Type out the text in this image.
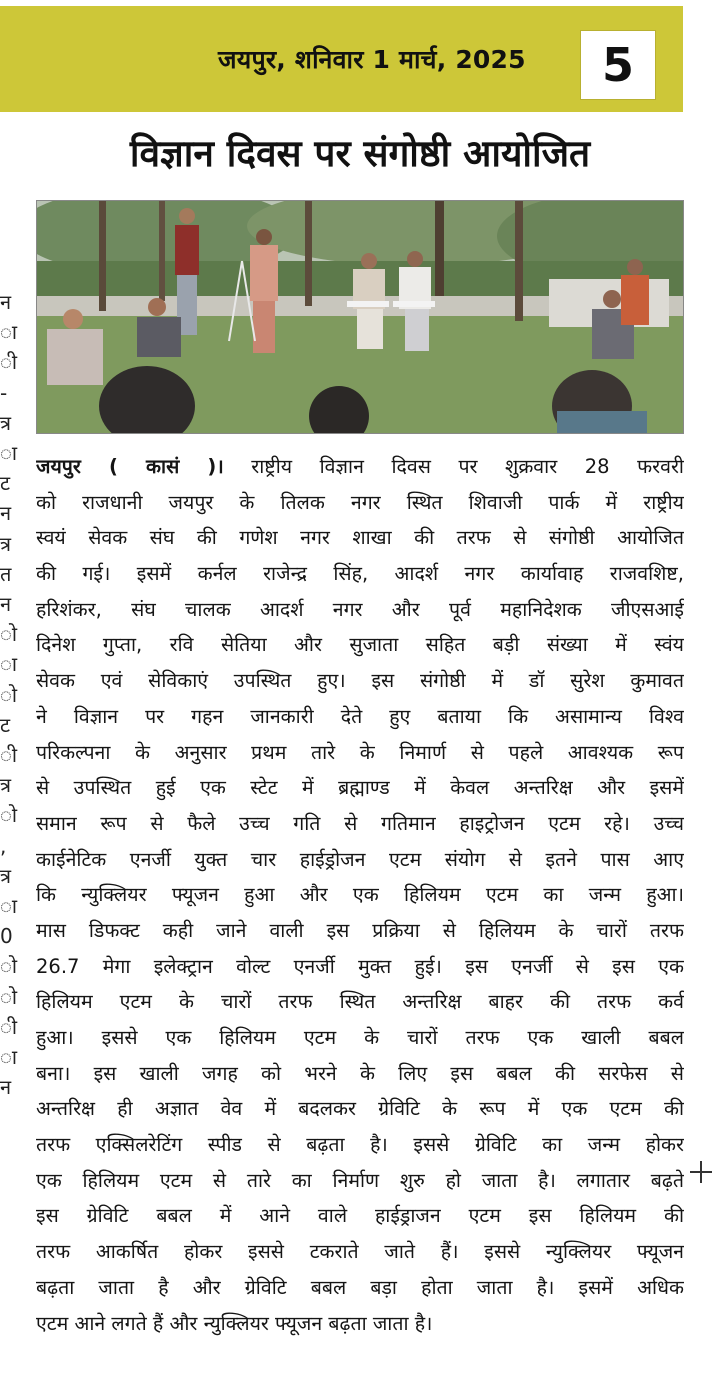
जयपुर, शनिवार 1 मार्च, 2025 5
विज्ञान दिवस पर संगोष्ठी आयोजित
न
ा
ी
-
त्र
ा
ट
न
त्र
त
न
ो
ा
ो
ट
ी
त्र
ो
,
त्र
ा
0
ो
ो
ी
ा
न
जयपुर ( कासं )। राष्ट्रीय विज्ञान दिवस पर शुक्रवार 28 फरवरी
को राजधानी जयपुर के तिलक नगर स्थित शिवाजी पार्क में राष्ट्रीय
स्वयं सेवक संघ की गणेश नगर शाखा की तरफ से संगोष्ठी आयोजित
की गई। इसमें कर्नल राजेन्द्र सिंह, आदर्श नगर कार्यावाह राजवशिष्ट,
हरिशंकर, संघ चालक आदर्श नगर और पूर्व महानिदेशक जीएसआई
दिनेश गुप्ता, रवि सेतिया और सुजाता सहित बड़ी संख्या में स्वंय
सेवक एवं सेविकाएं उपस्थित हुए। इस संगोष्ठी में डॉ सुरेश कुमावत
ने विज्ञान पर गहन जानकारी देते हुए बताया कि असामान्य विश्व
परिकल्पना के अनुसार प्रथम तारे के निमार्ण से पहले आवश्यक रूप
से उपस्थित हुई एक स्टेट में ब्रह्माण्ड में केवल अन्तरिक्ष और इसमें
समान रूप से फैले उच्च गति से गतिमान हाइट्रोजन एटम रहे। उच्च
काईनेटिक एनर्जी युक्त चार हाईड्रोजन एटम संयोग से इतने पास आए
कि न्युक्लियर फ्यूजन हुआ और एक हिलियम एटम का जन्म हुआ।
मास डिफक्ट कही जाने वाली इस प्रक्रिया से हिलियम के चारों तरफ
26.7 मेगा इलेक्ट्रान वोल्ट एनर्जी मुक्त हुई। इस एनर्जी से इस एक
हिलियम एटम के चारों तरफ स्थित अन्तरिक्ष बाहर की तरफ कर्व
हुआ। इससे एक हिलियम एटम के चारों तरफ एक खाली बबल
बना। इस खाली जगह को भरने के लिए इस बबल की सरफेस से
अन्तरिक्ष ही अज्ञात वेव में बदलकर ग्रेविटि के रूप में एक एटम की
तरफ एक्सिलरेटिंग स्पीड से बढ़ता है। इससे ग्रेविटि का जन्म होकर
एक हिलियम एटम से तारे का निर्माण शुरु हो जाता है। लगातार बढ़ते
इस ग्रेविटि बबल में आने वाले हाईड्राजन एटम इस हिलियम की
तरफ आकर्षित होकर इससे टकराते जाते हैं। इससे न्युक्लियर फ्यूजन
बढ़ता जाता है और ग्रेविटि बबल बड़ा होता जाता है। इसमें अधिक
एटम आने लगते हैं और न्युक्लियर फ्यूजन बढ़ता जाता है।
